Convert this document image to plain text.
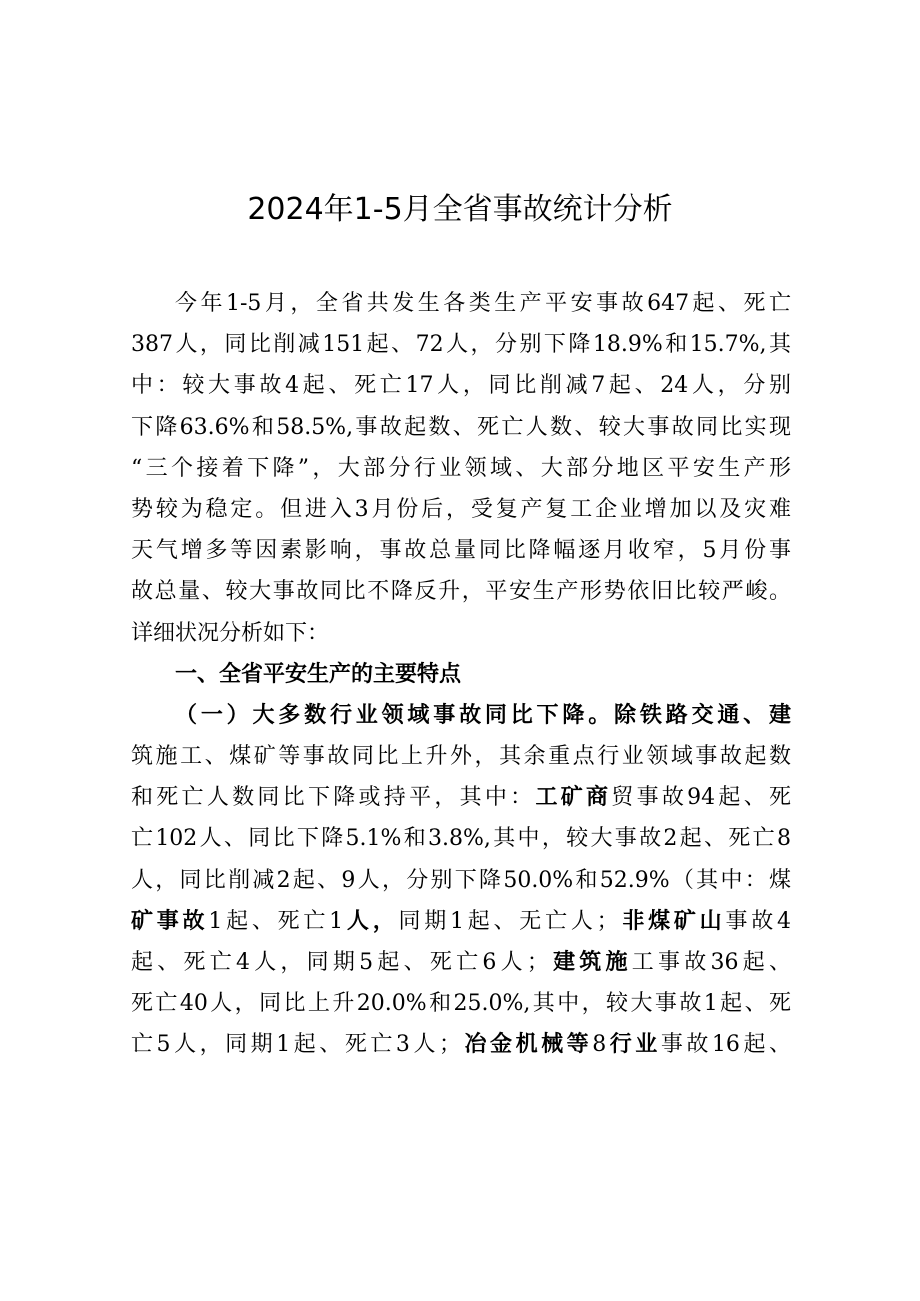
2024年1-5月全省事故统计分析
今年1-5月，全省共发生各类生产平安事故647起、死亡
387人，同比削减151起、72人，分别下降18.9%和15.7%,其
中：较大事故4起、死亡17人，同比削减7起、24人，分别
下降63.6%和58.5%,事故起数、死亡人数、较大事故同比实现
“三个接着下降”，大部分行业领域、大部分地区平安生产形
势较为稳定。但进入3月份后，受复产复工企业增加以及灾难
天气增多等因素影响，事故总量同比降幅逐月收窄，5月份事
故总量、较大事故同比不降反升，平安生产形势依旧比较严峻。
详细状况分析如下：
一、全省平安生产的主要特点
（一）大多数行业领域事故同比下降。除铁路交通、建
筑施工、煤矿等事故同比上升外，其余重点行业领域事故起数
和死亡人数同比下降或持平，其中：工矿商贸事故94起、死
亡102人、同比下降5.1%和3.8%,其中，较大事故2起、死亡8
人，同比削减2起、9人，分别下降50.0%和52.9%（其中：煤
矿事故1起、死亡1人，同期1起、无亡人；非煤矿山事故4
起、死亡4人，同期5起、死亡6人；建筑施工事故36起、
死亡40人，同比上升20.0%和25.0%,其中，较大事故1起、死
亡5人，同期1起、死亡3人；冶金机械等8行业事故16起、
